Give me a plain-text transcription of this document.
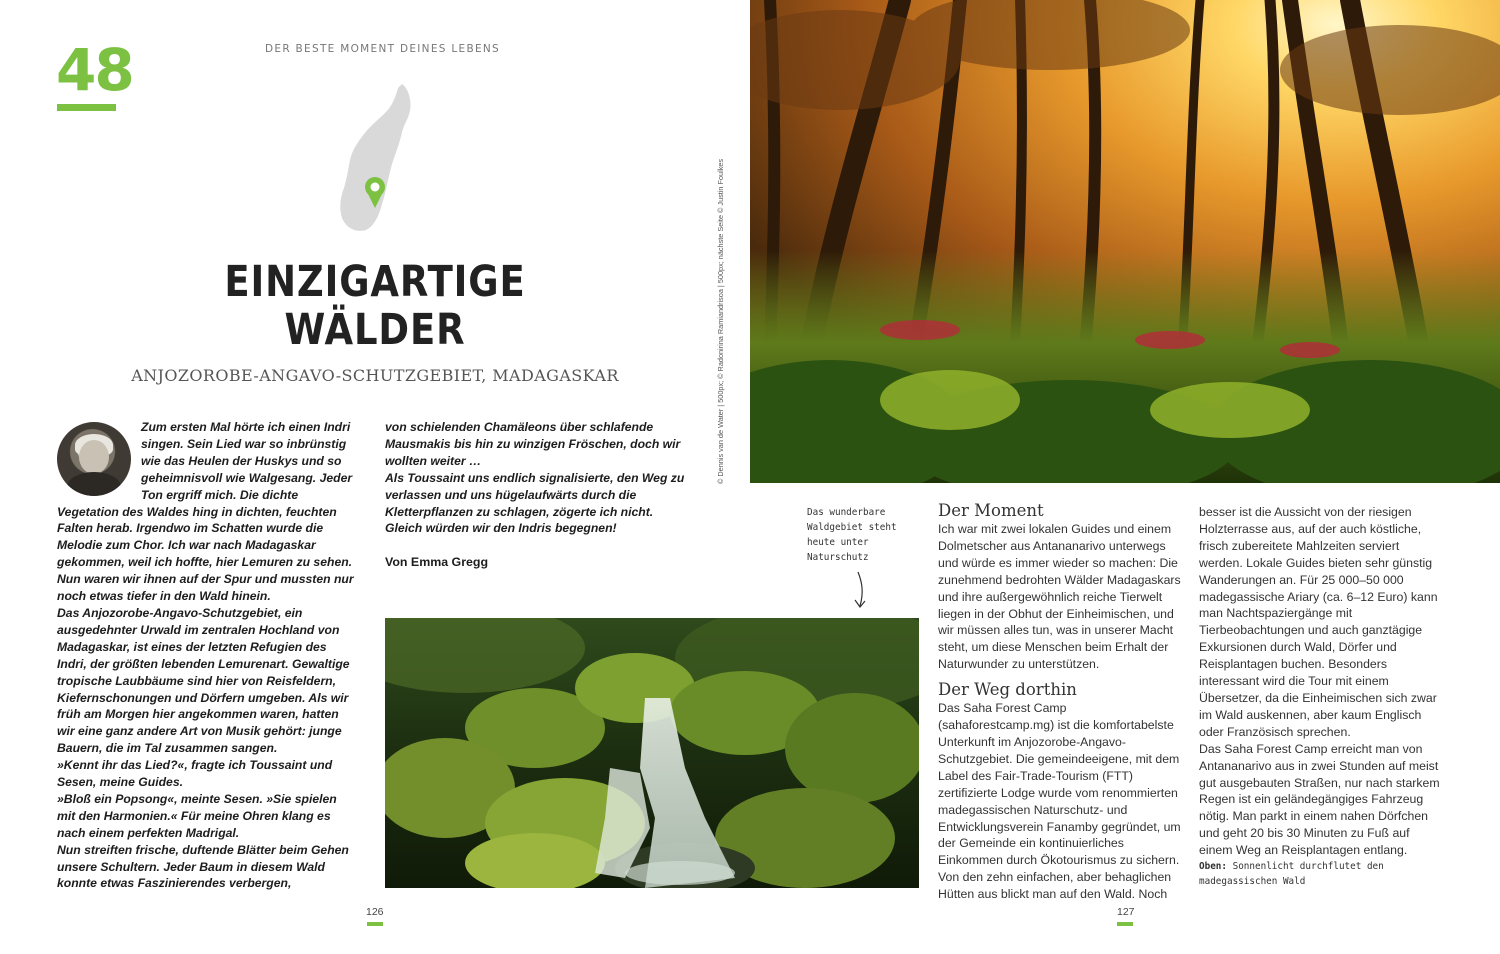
48	DER BESTE MOMENT DEINES LEBENS
EINZIGARTIGE
WÄLDER
ANJOZOROBE-ANGAVO-SCHUTZGEBIET, MADAGASKAR

Zum ersten Mal hörte ich einen Indri singen. Sein Lied war so inbrünstig wie das Heulen der Huskys und so geheimnisvoll wie Walgesang. Jeder Ton ergriff mich. Die dichte Vegetation des Waldes hing in dichten, feuchten Falten herab. Irgendwo im Schatten wurde die Melodie zum Chor. Ich war nach Madagaskar gekommen, weil ich hoffte, hier Lemuren zu sehen. Nun waren wir ihnen auf der Spur und mussten nur noch etwas tiefer in den Wald hinein.

Das Anjozorobe-Angavo-Schutzgebiet, ein ausgedehnter Urwald im zentralen Hochland von Madagaskar, ist eines der letzten Refugien des Indri, der größten lebenden Lemurenart. Gewaltige tropische Laubbäume sind hier von Reisfeldern, Kiefernschonungen und Dörfern umgeben. Als wir früh am Morgen hier angekommen waren, hatten wir eine ganz andere Art von Musik gehört: junge Bauern, die im Tal zusammen sangen.

»Kennt ihr das Lied?«, fragte ich Toussaint und Sesen, meine Guides.

»Bloß ein Popsong«, meinte Sesen. »Sie spielen mit den Harmonien.« Für meine Ohren klang es nach einem perfekten Madrigal.

Nun streiften frische, duftende Blätter beim Gehen unsere Schultern. Jeder Baum in diesem Wald konnte etwas Faszinierendes verbergen,

von schielenden Chamäleons über schlafende Mausmakis bis hin zu winzigen Fröschen, doch wir wollten weiter …

Als Toussaint uns endlich signalisierte, den Weg zu verlassen und uns hügelaufwärts durch die Kletterpflanzen zu schlagen, zögerte ich nicht. Gleich würden wir den Indris begegnen!

Von Emma Gregg
126
© Dennis van de Water | 500px; © Radonirina Ramiandrisoa | 500px; nächste Seite © Justin Foulkes
Das wunderbare Waldgebiet steht heute unter Naturschutz
Der Moment

Ich war mit zwei lokalen Guides und einem Dolmetscher aus Antananarivo unterwegs und würde es immer wieder so machen: Die zunehmend bedrohten Wälder Madagaskars und ihre außergewöhnlich reiche Tierwelt liegen in der Obhut der Einheimischen, und wir müssen alles tun, was in unserer Macht steht, um diese Menschen beim Erhalt der Naturwunder zu unterstützen.

Der Weg dorthin

Das Saha Forest Camp (sahaforestcamp.mg) ist die komfortabelste Unterkunft im Anjozorobe-Angavo-Schutzgebiet. Die gemeindeeigene, mit dem Label des Fair-Trade-Tourism (FTT) zertifizierte Lodge wurde vom renommierten madegassischen Naturschutz- und Entwicklungsverein Fanamby gegründet, um der Gemeinde ein kontinuierliches Einkommen durch Ökotourismus zu sichern. Von den zehn einfachen, aber behaglichen Hütten aus blickt man auf den Wald. Noch

besser ist die Aussicht von der riesigen Holzterrasse aus, auf der auch köstliche, frisch zubereitete Mahlzeiten serviert werden. Lokale Guides bieten sehr günstig Wanderungen an. Für 25 000–50 000 madegassische Ariary (ca. 6–12 Euro) kann man Nachtspaziergänge mit Tierbeobachtungen und auch ganztägige Exkursionen durch Wald, Dörfer und Reisplantagen buchen. Besonders interessant wird die Tour mit einem Übersetzer, da die Einheimischen sich zwar im Wald auskennen, aber kaum Englisch oder Französisch sprechen.

Das Saha Forest Camp erreicht man von Antananarivo aus in zwei Stunden auf meist gut ausgebauten Straßen, nur nach starkem Regen ist ein geländegängiges Fahrzeug nötig. Man parkt in einem nahen Dörfchen und geht 20 bis 30 Minuten zu Fuß auf einem Weg an Reisplantagen entlang.

Oben: Sonnenlicht durchflutet den madegassischen Wald
127
